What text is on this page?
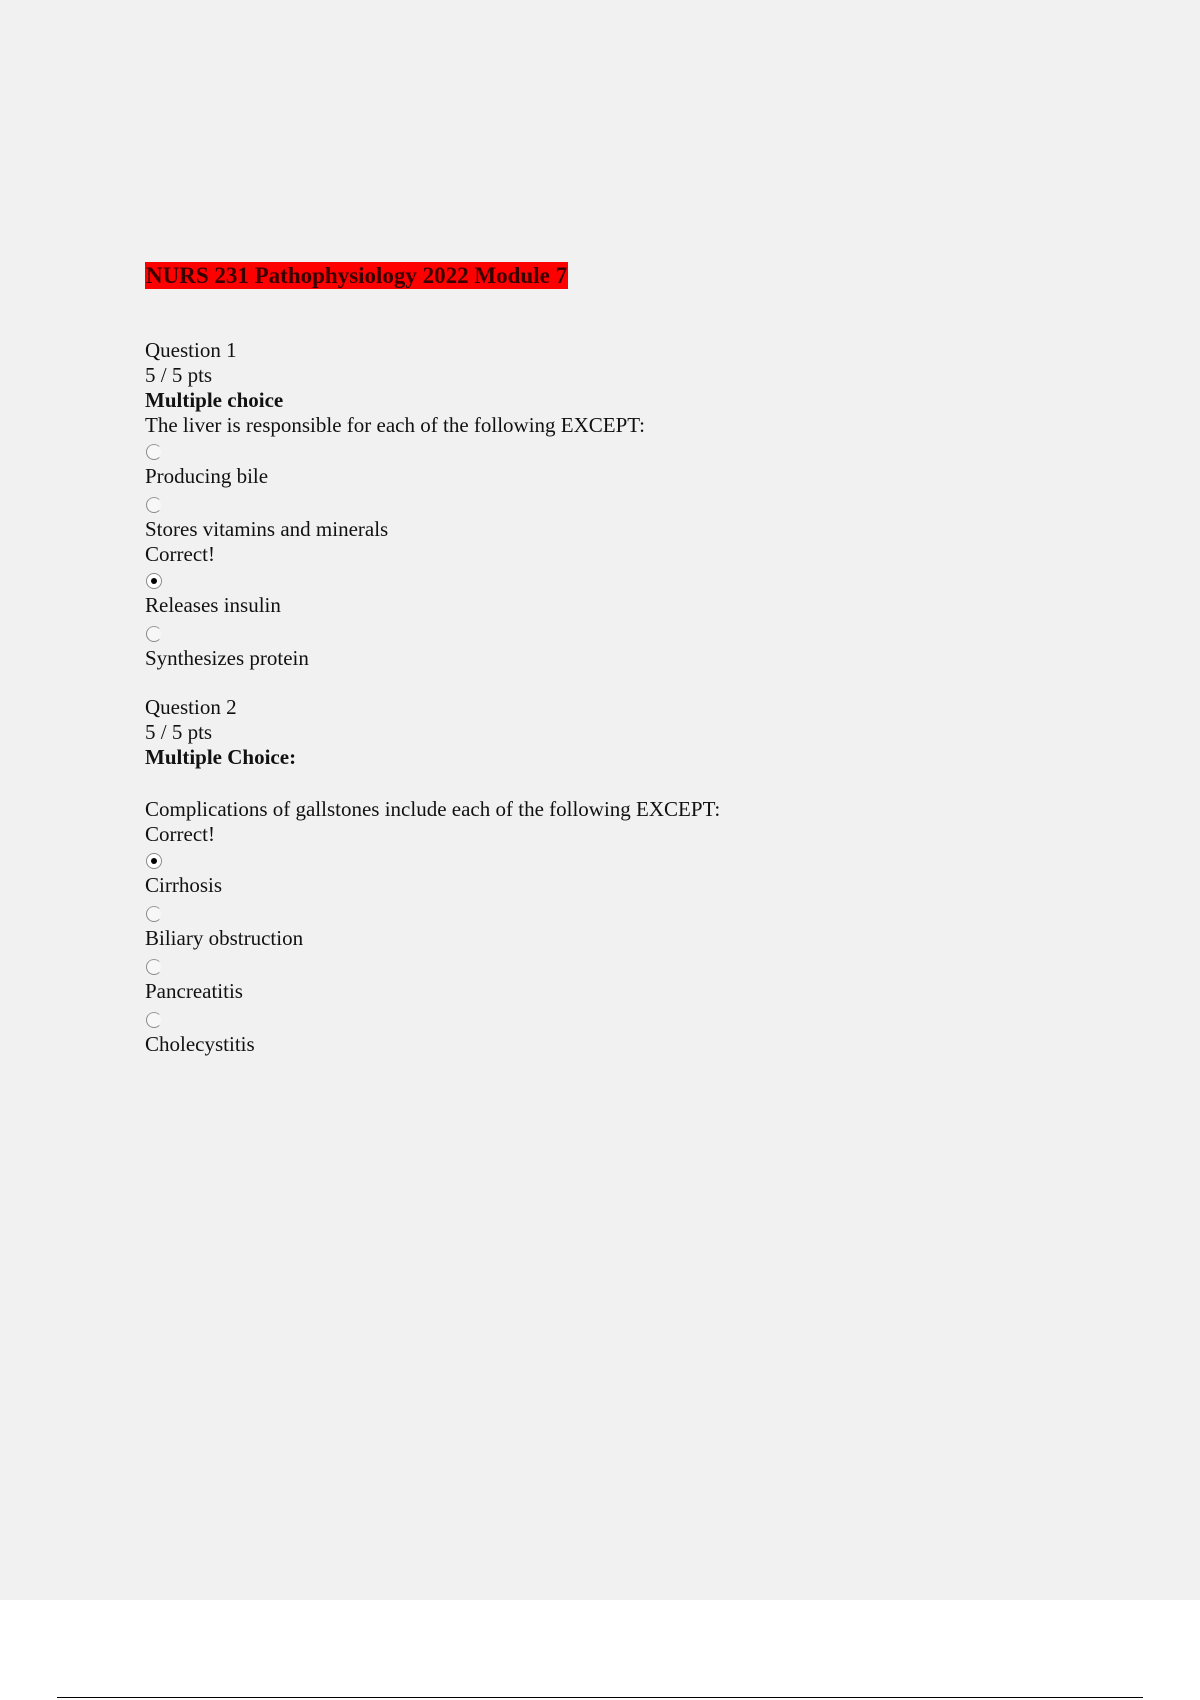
NURS 231 Pathophysiology 2022 Module 7
Question 1
5 / 5 pts
Multiple choice
The liver is responsible for each of the following EXCEPT:
Producing bile
Stores vitamins and minerals
Correct!
Releases insulin
Synthesizes protein
Question 2
5 / 5 pts
Multiple Choice:
Complications of gallstones include each of the following EXCEPT:
Correct!
Cirrhosis
Biliary obstruction
Pancreatitis
Cholecystitis
